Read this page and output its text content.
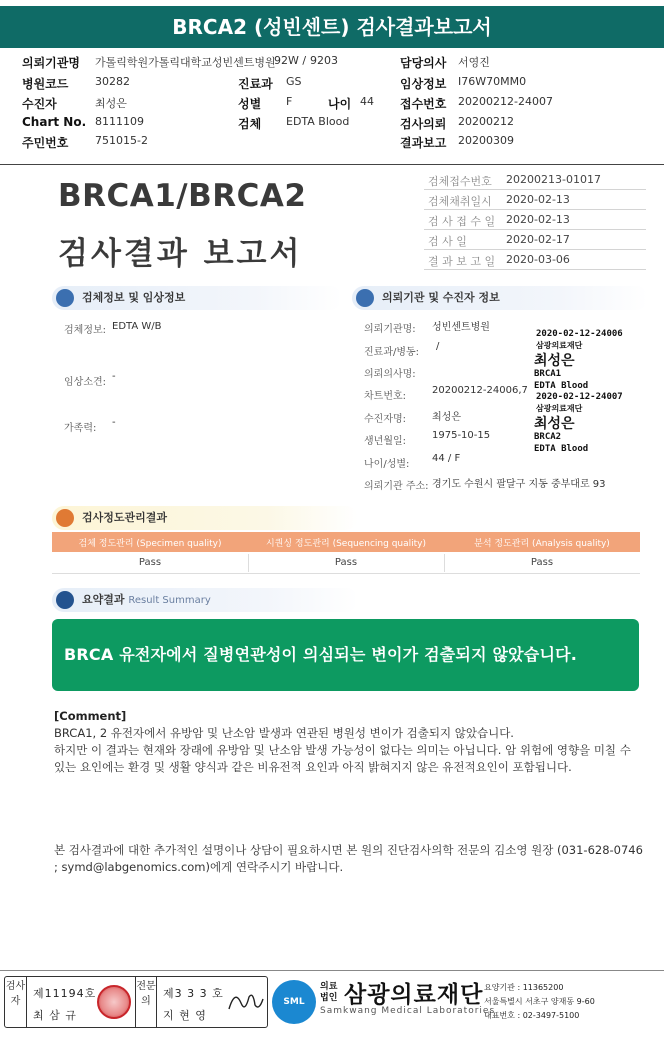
BRCA2 (성빈센트) 검사결과보고서
의뢰기관명 가톨릭학원가톨릭대학교성빈센트병원
92W / 9203	담당의사 서영진
병원코드 30282	진료과 GS	임상정보 I76W70MM0
수진자	최성은	성별 F	나이 44 접수번호 20200212-24007
Chart No. 8111109	검체 EDTA Blood	검사의뢰 20200212
주민번호 751015-2	결과보고 20200309
BRCA1/BRCA2
검사결과 보고서
검체접수번호 20200213-01017
검체채취일시 2020-02-13
검 사 접 수 일 2020-02-13
검 사 일	2020-02-17
결 과 보 고 일 2020-03-06
검체정보 및 임상정보
검체정보: EDTA W/B
임상소견:
-
가족력:
-
의뢰기관 및 수진자 정보
의뢰기관명: 성빈센트병원
진료과/병동:
/
의뢰의사명:
차트번호:
20200212-24006,7
수진자명:	최성은
생년월일:
1975-10-15
나이/성별:
44 / F
의뢰기관 주소: 경기도 수원시 팔달구 지동 중부대로 93
2020-02-12-24006
삼광의료재단
최성은
BRCA1
EDTA Blood
2020-02-12-24007
삼광의료재단
최성은
BRCA2
EDTA Blood
검사정도관리결과
검체 정도관리 (Specimen quality)	시퀀싱 정도관리 (Sequencing quality)	분석 정도관리 (Analysis quality)
Pass	Pass	Pass
요약결과 Result Summary
BRCA 유전자에서 질병연관성이 의심되는 변이가 검출되지 않았습니다.
[Comment]
BRCA1, 2 유전자에서 유방암 및 난소암 발생과 연관된 병원성 변이가 검출되지 않았습니다.
하지만 이 결과는 현재와 장래에 유방암 및 난소암 발생 가능성이 없다는 의미는 아닙니다. 암 위험에 영향을 미칠 수 있는 요인에는 환경 및 생활 양식과 같은 비유전적 요인과 아직 밝혀지지 않은 유전적요인이 포함됩니다.
본 검사결과에 대한 추가적인 설명이나 상담이 필요하시면 본 원의 진단검사의학 전문의 김소영 원장 (031-628-0746 ; symd@labgenomics.com)에게 연락주시기 바랍니다.
검사자
제11194호
최 삼 규
전문의
제3 3 3 호
지 현 영
SML
의료법인 삼광의료재단
Samkwang Medical Laboratories
요양기관 : 11365200
서울특별시 서초구 양재동 9-60
대표번호 : 02-3497-5100
